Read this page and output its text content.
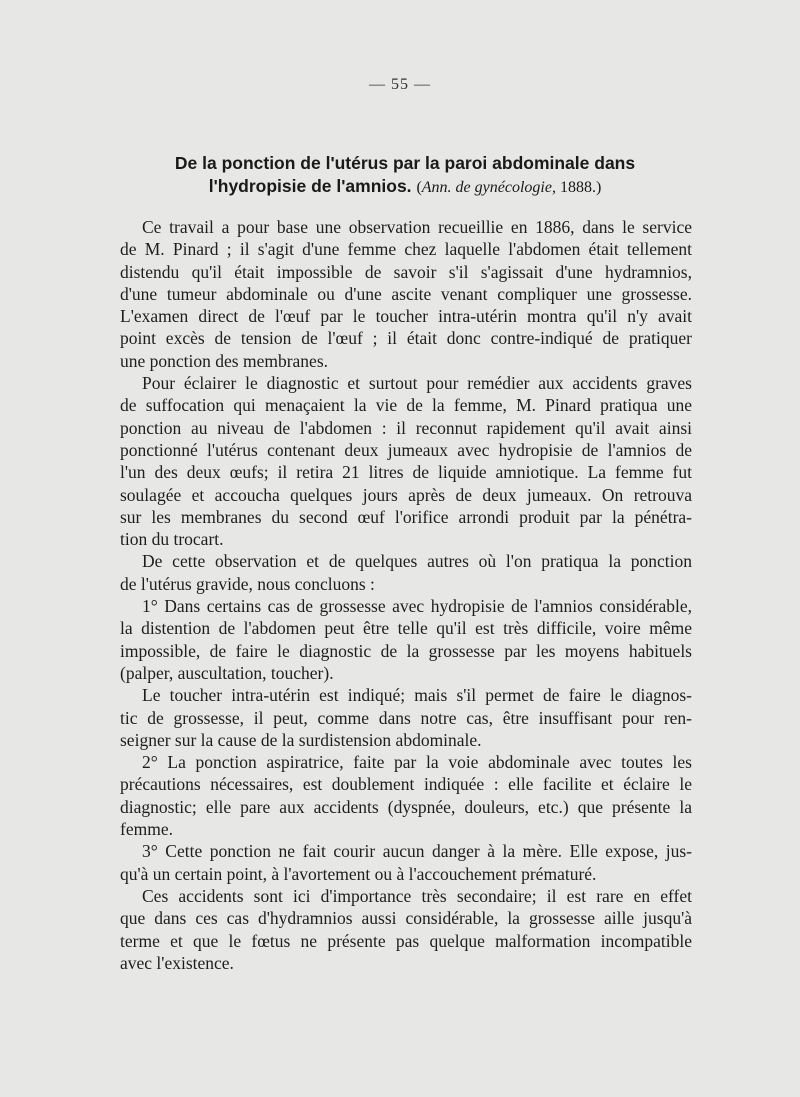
— 55 —
De la ponction de l'utérus par la paroi abdominale dans
l'hydropisie de l'amnios. (Ann. de gynécologie, 1888.)
Ce travail a pour base une observation recueillie en 1886, dans le service
de M. Pinard ; il s'agit d'une femme chez laquelle l'abdomen était tellement
distendu qu'il était impossible de savoir s'il s'agissait d'une hydramnios,
d'une tumeur abdominale ou d'une ascite venant compliquer une grossesse.
L'examen direct de l'œuf par le toucher intra-utérin montra qu'il n'y avait
point excès de tension de l'œuf ; il était donc contre-indiqué de pratiquer
une ponction des membranes.
Pour éclairer le diagnostic et surtout pour remédier aux accidents graves
de suffocation qui menaçaient la vie de la femme, M. Pinard pratiqua une
ponction au niveau de l'abdomen : il reconnut rapidement qu'il avait ainsi
ponctionné l'utérus contenant deux jumeaux avec hydropisie de l'amnios de
l'un des deux œufs; il retira 21 litres de liquide amniotique. La femme fut
soulagée et accoucha quelques jours après de deux jumeaux. On retrouva
sur les membranes du second œuf l'orifice arrondi produit par la pénétra-
tion du trocart.
De cette observation et de quelques autres où l'on pratiqua la ponction
de l'utérus gravide, nous concluons :
1° Dans certains cas de grossesse avec hydropisie de l'amnios considérable,
la distention de l'abdomen peut être telle qu'il est très difficile, voire même
impossible, de faire le diagnostic de la grossesse par les moyens habituels
(palper, auscultation, toucher).
Le toucher intra-utérin est indiqué; mais s'il permet de faire le diagnos-
tic de grossesse, il peut, comme dans notre cas, être insuffisant pour ren-
seigner sur la cause de la surdistension abdominale.
2° La ponction aspiratrice, faite par la voie abdominale avec toutes les
précautions nécessaires, est doublement indiquée : elle facilite et éclaire le
diagnostic; elle pare aux accidents (dyspnée, douleurs, etc.) que présente la
femme.
3° Cette ponction ne fait courir aucun danger à la mère. Elle expose, jus-
qu'à un certain point, à l'avortement ou à l'accouchement prématuré.
Ces accidents sont ici d'importance très secondaire; il est rare en effet
que dans ces cas d'hydramnios aussi considérable, la grossesse aille jusqu'à
terme et que le fœtus ne présente pas quelque malformation incompatible
avec l'existence.
